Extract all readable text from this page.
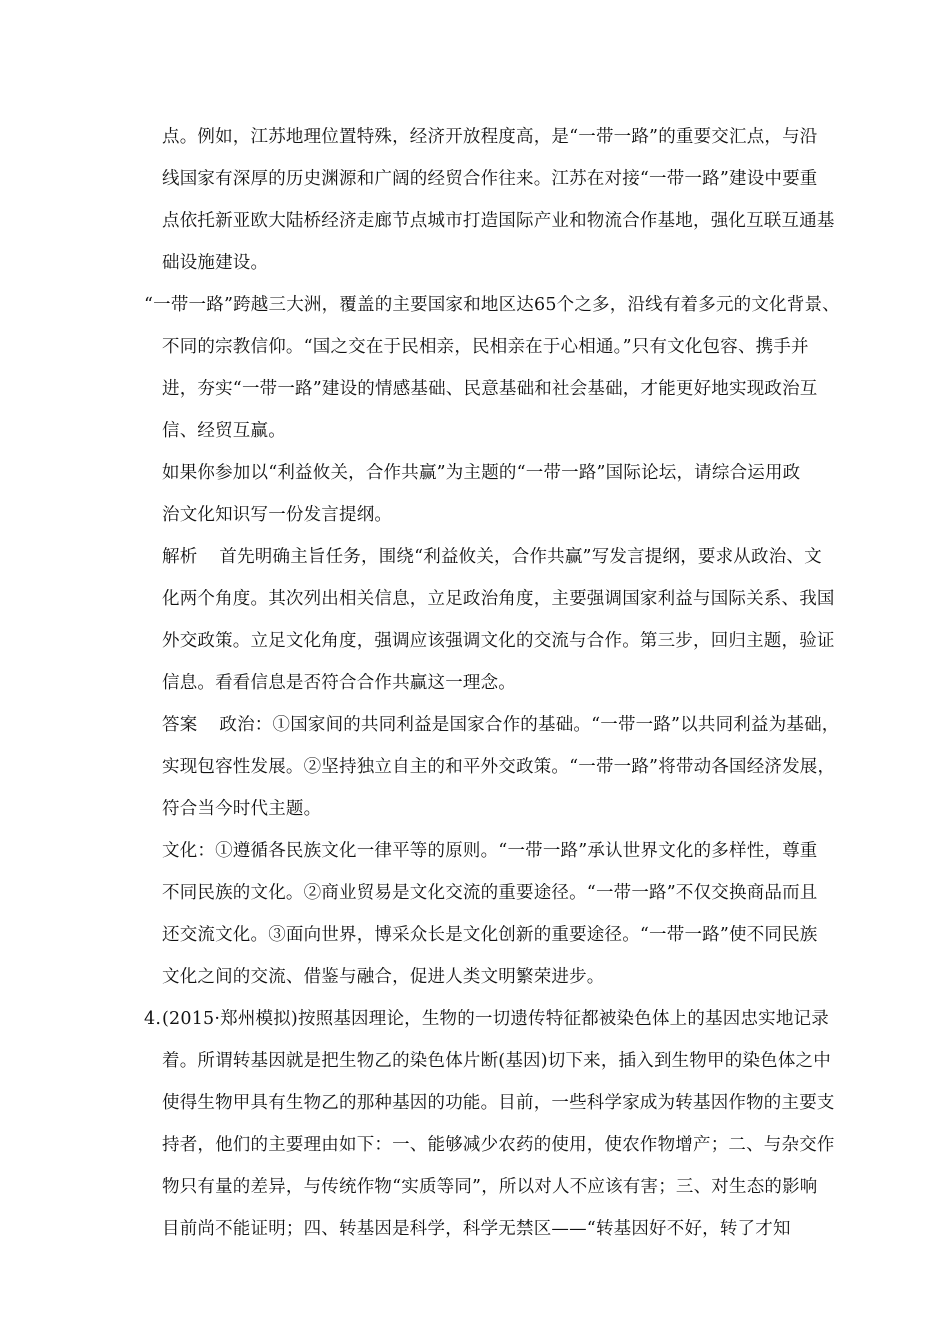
点。例如，江苏地理位置特殊，经济开放程度高，是“一带一路”的重要交汇点，与沿
线国家有深厚的历史渊源和广阔的经贸合作往来。江苏在对接“一带一路”建设中要重
点依托新亚欧大陆桥经济走廊节点城市打造国际产业和物流合作基地，强化互联互通基
础设施建设。
“一带一路”跨越三大洲，覆盖的主要国家和地区达65个之多，沿线有着多元的文化背景、
不同的宗教信仰。“国之交在于民相亲，民相亲在于心相通。”只有文化包容、携手并
进，夯实“一带一路”建设的情感基础、民意基础和社会基础，才能更好地实现政治互
信、经贸互赢。
如果你参加以“利益攸关，合作共赢”为主题的“一带一路”国际论坛，请综合运用政
治文化知识写一份发言提纲。
解析 首先明确主旨任务，围绕“利益攸关，合作共赢”写发言提纲，要求从政治、文
化两个角度。其次列出相关信息，立足政治角度，主要强调国家利益与国际关系、我国
外交政策。立足文化角度，强调应该强调文化的交流与合作。第三步，回归主题，验证
信息。看看信息是否符合合作共赢这一理念。
答案 政治：①国家间的共同利益是国家合作的基础。“一带一路”以共同利益为基础，
实现包容性发展。②坚持独立自主的和平外交政策。“一带一路”将带动各国经济发展，
符合当今时代主题。
文化：①遵循各民族文化一律平等的原则。“一带一路”承认世界文化的多样性，尊重
不同民族的文化。②商业贸易是文化交流的重要途径。“一带一路”不仅交换商品而且
还交流文化。③面向世界，博采众长是文化创新的重要途径。“一带一路”使不同民族
文化之间的交流、借鉴与融合，促进人类文明繁荣进步。
4. (2015·郑州模拟)按照基因理论，生物的一切遗传特征都被染色体上的基因忠实地记录
着。所谓转基因就是把生物乙的染色体片断(基因)切下来，插入到生物甲的染色体之中
使得生物甲具有生物乙的那种基因的功能。目前，一些科学家成为转基因作物的主要支
持者，他们的主要理由如下：一、能够减少农药的使用，使农作物增产；二、与杂交作
物只有量的差异，与传统作物“实质等同”，所以对人不应该有害；三、对生态的影响
目前尚不能证明；四、转基因是科学，科学无禁区——“转基因好不好，转了才知
